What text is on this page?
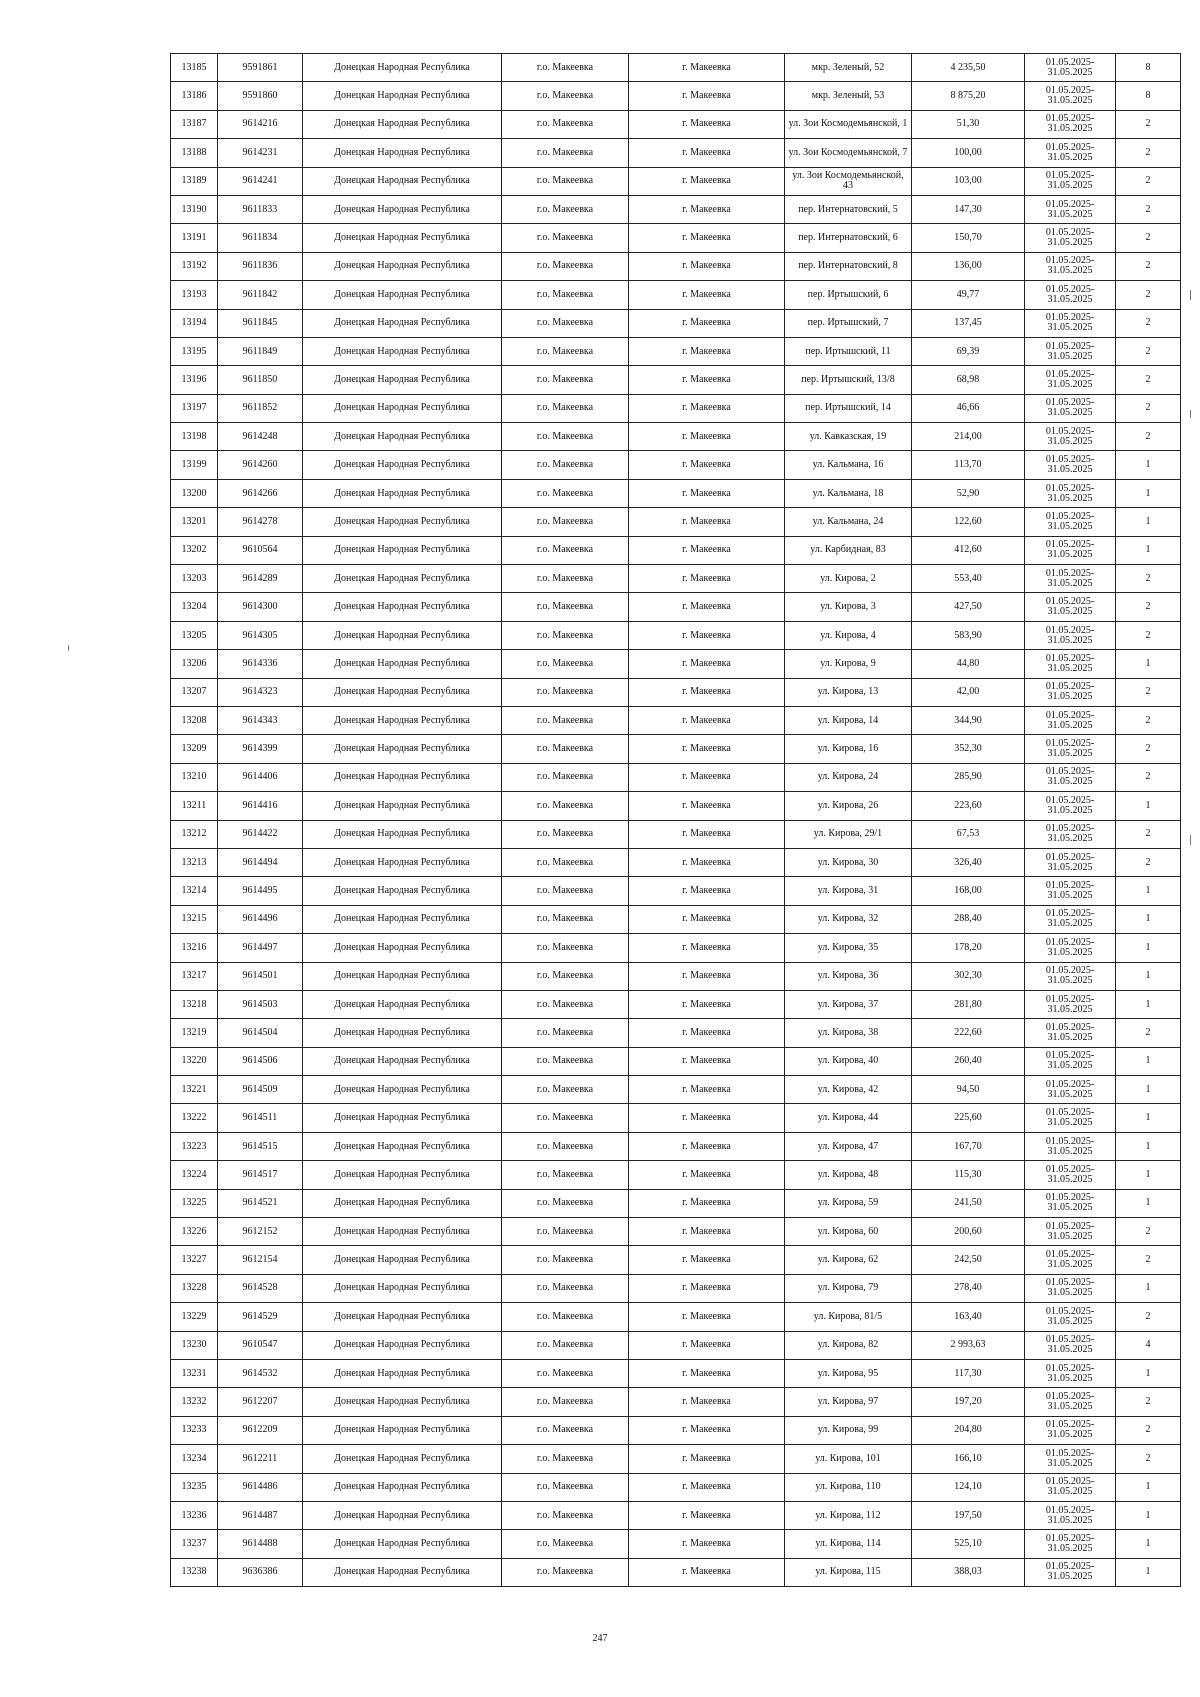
13185	9591861	Донецкая Народная Республика	г.о. Макеевка	г. Макеевка	мкр. Зеленый, 52	4 235,50	01.05.2025-31.05.2025	8
13186	9591860	Донецкая Народная Республика	г.о. Макеевка	г. Макеевка	мкр. Зеленый, 53	8 875,20	01.05.2025-31.05.2025	8
13187	9614216	Донецкая Народная Республика	г.о. Макеевка	г. Макеевка	ул. Зои Космодемьянской, 1	51,30	01.05.2025-31.05.2025	2
13188	9614231	Донецкая Народная Республика	г.о. Макеевка	г. Макеевка	ул. Зои Космодемьянской, 7	100,00	01.05.2025-31.05.2025	2
13189	9614241	Донецкая Народная Республика	г.о. Макеевка	г. Макеевка	ул. Зои Космодемьянской, 43	103,00	01.05.2025-31.05.2025	2
13190	9611833	Донецкая Народная Республика	г.о. Макеевка	г. Макеевка	пер. Интернатовский, 5	147,30	01.05.2025-31.05.2025	2
13191	9611834	Донецкая Народная Республика	г.о. Макеевка	г. Макеевка	пер. Интернатовский, 6	150,70	01.05.2025-31.05.2025	2
13192	9611836	Донецкая Народная Республика	г.о. Макеевка	г. Макеевка	пер. Интернатовский, 8	136,00	01.05.2025-31.05.2025	2
13193	9611842	Донецкая Народная Республика	г.о. Макеевка	г. Макеевка	пер. Иртышский, 6	49,77	01.05.2025-31.05.2025	2
13194	9611845	Донецкая Народная Республика	г.о. Макеевка	г. Макеевка	пер. Иртышский, 7	137,45	01.05.2025-31.05.2025	2
13195	9611849	Донецкая Народная Республика	г.о. Макеевка	г. Макеевка	пер. Иртышский, 11	69,39	01.05.2025-31.05.2025	2
13196	9611850	Донецкая Народная Республика	г.о. Макеевка	г. Макеевка	пер. Иртышский, 13/8	68,98	01.05.2025-31.05.2025	2
13197	9611852	Донецкая Народная Республика	г.о. Макеевка	г. Макеевка	пер. Иртышский, 14	46,66	01.05.2025-31.05.2025	2
13198	9614248	Донецкая Народная Республика	г.о. Макеевка	г. Макеевка	ул. Кавказская, 19	214,00	01.05.2025-31.05.2025	2
13199	9614260	Донецкая Народная Республика	г.о. Макеевка	г. Макеевка	ул. Кальмана, 16	113,70	01.05.2025-31.05.2025	1
13200	9614266	Донецкая Народная Республика	г.о. Макеевка	г. Макеевка	ул. Кальмана, 18	52,90	01.05.2025-31.05.2025	1
13201	9614278	Донецкая Народная Республика	г.о. Макеевка	г. Макеевка	ул. Кальмана, 24	122,60	01.05.2025-31.05.2025	1
13202	9610564	Донецкая Народная Республика	г.о. Макеевка	г. Макеевка	ул. Карбидная, 83	412,60	01.05.2025-31.05.2025	1
13203	9614289	Донецкая Народная Республика	г.о. Макеевка	г. Макеевка	ул. Кирова, 2	553,40	01.05.2025-31.05.2025	2
13204	9614300	Донецкая Народная Республика	г.о. Макеевка	г. Макеевка	ул. Кирова, 3	427,50	01.05.2025-31.05.2025	2
13205	9614305	Донецкая Народная Республика	г.о. Макеевка	г. Макеевка	ул. Кирова, 4	583,90	01.05.2025-31.05.2025	2
13206	9614336	Донецкая Народная Республика	г.о. Макеевка	г. Макеевка	ул. Кирова, 9	44,80	01.05.2025-31.05.2025	1
13207	9614323	Донецкая Народная Республика	г.о. Макеевка	г. Макеевка	ул. Кирова, 13	42,00	01.05.2025-31.05.2025	2
13208	9614343	Донецкая Народная Республика	г.о. Макеевка	г. Макеевка	ул. Кирова, 14	344,90	01.05.2025-31.05.2025	2
13209	9614399	Донецкая Народная Республика	г.о. Макеевка	г. Макеевка	ул. Кирова, 16	352,30	01.05.2025-31.05.2025	2
13210	9614406	Донецкая Народная Республика	г.о. Макеевка	г. Макеевка	ул. Кирова, 24	285,90	01.05.2025-31.05.2025	2
13211	9614416	Донецкая Народная Республика	г.о. Макеевка	г. Макеевка	ул. Кирова, 26	223,60	01.05.2025-31.05.2025	1
13212	9614422	Донецкая Народная Республика	г.о. Макеевка	г. Макеевка	ул. Кирова, 29/1	67,53	01.05.2025-31.05.2025	2
13213	9614494	Донецкая Народная Республика	г.о. Макеевка	г. Макеевка	ул. Кирова, 30	326,40	01.05.2025-31.05.2025	2
13214	9614495	Донецкая Народная Республика	г.о. Макеевка	г. Макеевка	ул. Кирова, 31	168,00	01.05.2025-31.05.2025	1
13215	9614496	Донецкая Народная Республика	г.о. Макеевка	г. Макеевка	ул. Кирова, 32	288,40	01.05.2025-31.05.2025	1
13216	9614497	Донецкая Народная Республика	г.о. Макеевка	г. Макеевка	ул. Кирова, 35	178,20	01.05.2025-31.05.2025	1
13217	9614501	Донецкая Народная Республика	г.о. Макеевка	г. Макеевка	ул. Кирова, 36	302,30	01.05.2025-31.05.2025	1
13218	9614503	Донецкая Народная Республика	г.о. Макеевка	г. Макеевка	ул. Кирова, 37	281,80	01.05.2025-31.05.2025	1
13219	9614504	Донецкая Народная Республика	г.о. Макеевка	г. Макеевка	ул. Кирова, 38	222,60	01.05.2025-31.05.2025	2
13220	9614506	Донецкая Народная Республика	г.о. Макеевка	г. Макеевка	ул. Кирова, 40	260,40	01.05.2025-31.05.2025	1
13221	9614509	Донецкая Народная Республика	г.о. Макеевка	г. Макеевка	ул. Кирова, 42	94,50	01.05.2025-31.05.2025	1
13222	9614511	Донецкая Народная Республика	г.о. Макеевка	г. Макеевка	ул. Кирова, 44	225,60	01.05.2025-31.05.2025	1
13223	9614515	Донецкая Народная Республика	г.о. Макеевка	г. Макеевка	ул. Кирова, 47	167,70	01.05.2025-31.05.2025	1
13224	9614517	Донецкая Народная Республика	г.о. Макеевка	г. Макеевка	ул. Кирова, 48	115,30	01.05.2025-31.05.2025	1
13225	9614521	Донецкая Народная Республика	г.о. Макеевка	г. Макеевка	ул. Кирова, 59	241,50	01.05.2025-31.05.2025	1
13226	9612152	Донецкая Народная Республика	г.о. Макеевка	г. Макеевка	ул. Кирова, 60	200,60	01.05.2025-31.05.2025	2
13227	9612154	Донецкая Народная Республика	г.о. Макеевка	г. Макеевка	ул. Кирова, 62	242,50	01.05.2025-31.05.2025	2
13228	9614528	Донецкая Народная Республика	г.о. Макеевка	г. Макеевка	ул. Кирова, 79	278,40	01.05.2025-31.05.2025	1
13229	9614529	Донецкая Народная Республика	г.о. Макеевка	г. Макеевка	ул. Кирова, 81/5	163,40	01.05.2025-31.05.2025	2
13230	9610547	Донецкая Народная Республика	г.о. Макеевка	г. Макеевка	ул. Кирова, 82	2 993,63	01.05.2025-31.05.2025	4
13231	9614532	Донецкая Народная Республика	г.о. Макеевка	г. Макеевка	ул. Кирова, 95	117,30	01.05.2025-31.05.2025	1
13232	9612207	Донецкая Народная Республика	г.о. Макеевка	г. Макеевка	ул. Кирова, 97	197,20	01.05.2025-31.05.2025	2
13233	9612209	Донецкая Народная Республика	г.о. Макеевка	г. Макеевка	ул. Кирова, 99	204,80	01.05.2025-31.05.2025	2
13234	9612211	Донецкая Народная Республика	г.о. Макеевка	г. Макеевка	ул. Кирова, 101	166,10	01.05.2025-31.05.2025	2
13235	9614486	Донецкая Народная Республика	г.о. Макеевка	г. Макеевка	ул. Кирова, 110	124,10	01.05.2025-31.05.2025	1
13236	9614487	Донецкая Народная Республика	г.о. Макеевка	г. Макеевка	ул. Кирова, 112	197,50	01.05.2025-31.05.2025	1
13237	9614488	Донецкая Народная Республика	г.о. Макеевка	г. Макеевка	ул. Кирова, 114	525,10	01.05.2025-31.05.2025	1
13238	9636386	Донецкая Народная Республика	г.о. Макеевка	г. Макеевка	ул. Кирова, 115	388,03	01.05.2025-31.05.2025	1
247
